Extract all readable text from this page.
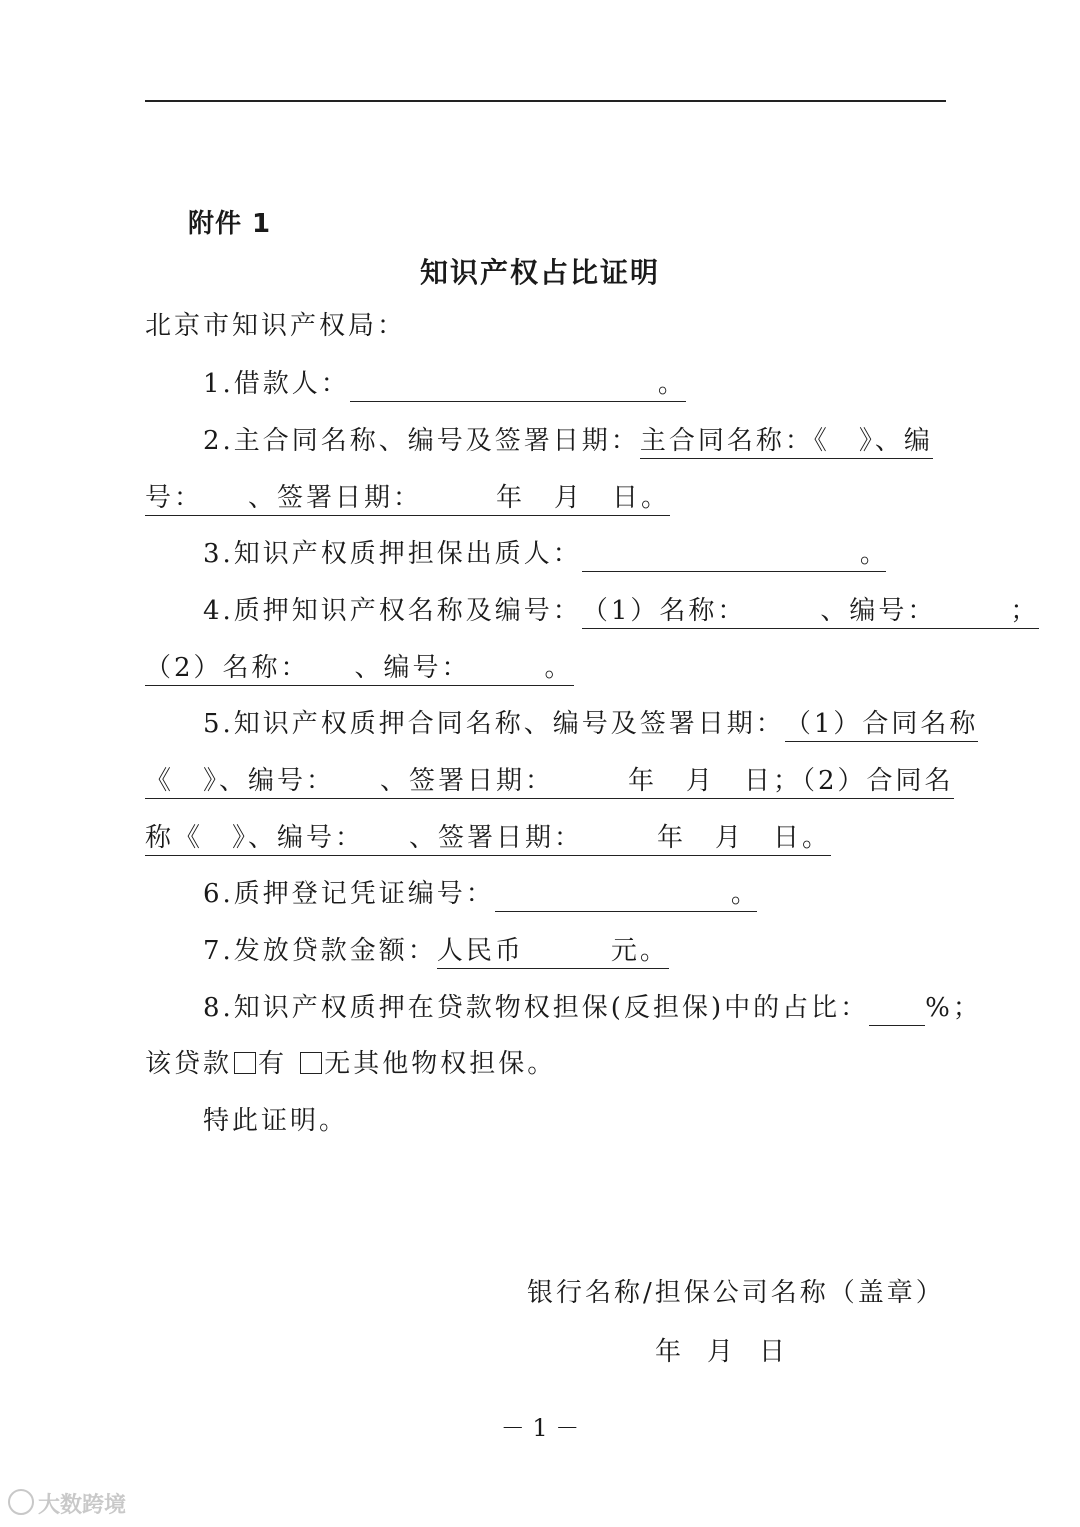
附件 1
知识产权占比证明
北京市知识产权局：
1.借款人：	。
2.主合同名称、编号及签署日期：主合同名称：《　》、编
号：　　、签署日期：　　　年　月　日。
3.知识产权质押担保出质人：	。
4.质押知识产权名称及编号：（1）名称：　　　、编号：　　　；
（2）名称：　　、编号：　　　。
5.知识产权质押合同名称、编号及签署日期：（1）合同名称
《　》、编号：　　、签署日期：　　　年　月　日；（2）合同名
称《　》、编号：　　、签署日期：　　　年　月　日。
6.质押登记凭证编号：	。
7.发放贷款金额：人民币　　　元。
8.知识产权质押在贷款物权担保(反担保)中的占比： %；
该贷款 有 无其他物权担保。
特此证明。
银行名称/担保公司名称（盖章）
年 月 日
－ 1 －
大数跨境
